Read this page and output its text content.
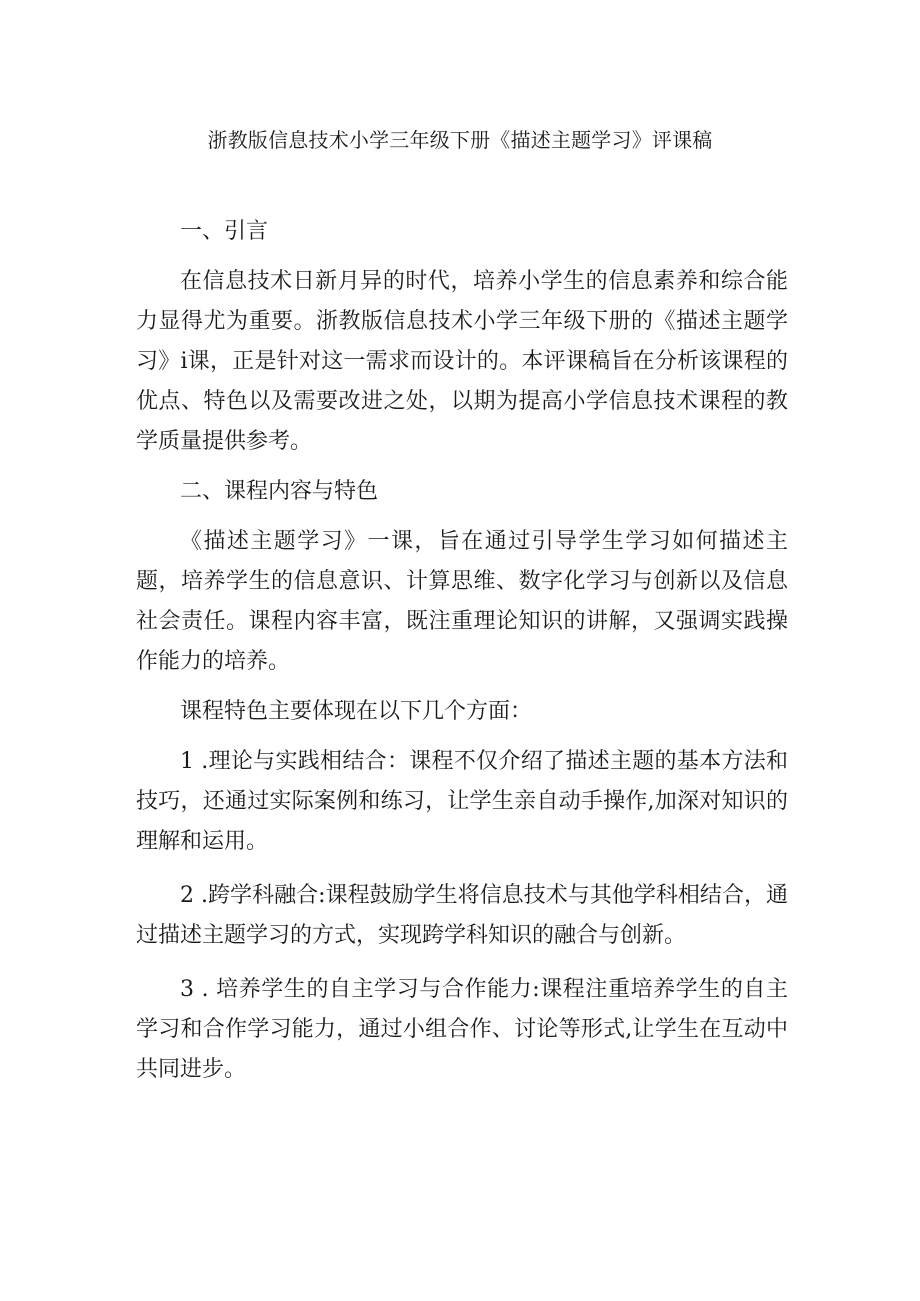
浙教版信息技术小学三年级下册《描述主题学习》评课稿

一、引言

在信息技术日新月异的时代，培养小学生的信息素养和综合能力显得尤为重要。浙教版信息技术小学三年级下册的《描述主题学习》i课，正是针对这一需求而设计的。本评课稿旨在分析该课程的优点、特色以及需要改进之处，以期为提高小学信息技术课程的教学质量提供参考。

二、课程内容与特色

《描述主题学习》一课，旨在通过引导学生学习如何描述主题，培养学生的信息意识、计算思维、数字化学习与创新以及信息社会责任。课程内容丰富，既注重理论知识的讲解，又强调实践操作能力的培养。

课程特色主要体现在以下几个方面：

1 .理论与实践相结合：课程不仅介绍了描述主题的基本方法和技巧，还通过实际案例和练习，让学生亲自动手操作,加深对知识的理解和运用。

2 .跨学科融合:课程鼓励学生将信息技术与其他学科相结合，通过描述主题学习的方式，实现跨学科知识的融合与创新。

3 . 培养学生的自主学习与合作能力:课程注重培养学生的自主学习和合作学习能力，通过小组合作、讨论等形式,让学生在互动中共同进步。
